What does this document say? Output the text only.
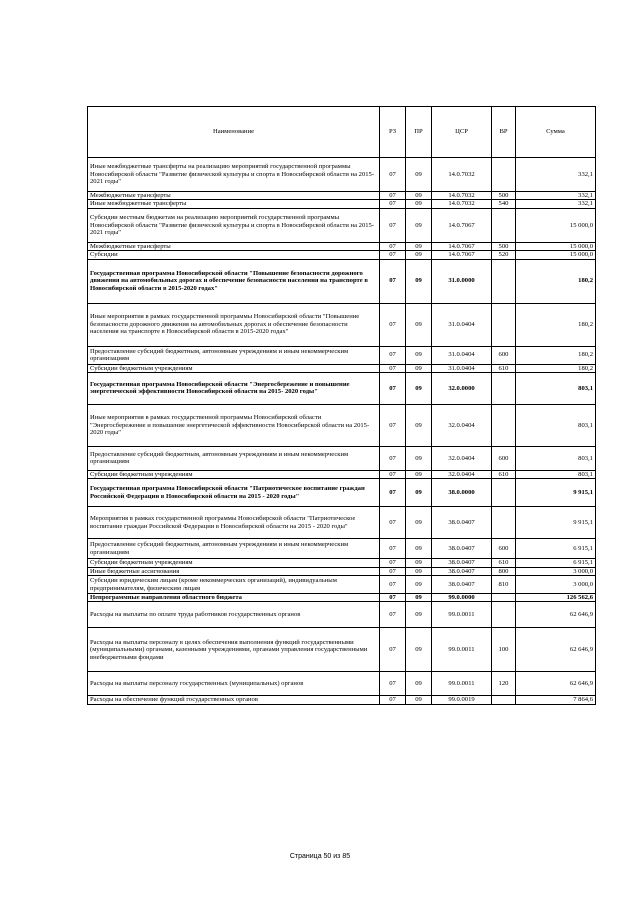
Наименование	РЗ	ПР	ЦСР	ВР	Сумма
Иные межбюджетные трансферты на реализацию мероприятий государственной программы Новосибирской области "Развитие физической культуры и спорта в Новосибирской области на 2015-2021 годы"	07	09	14.0.7032		332,1
Межбюджетные трансферты	07	09	14.0.7032	500	332,1
Иные межбюджетные трансферты	07	09	14.0.7032	540	332,1
Субсидии местным бюджетам на реализацию мероприятий государственной программы Новосибирской области "Развитие физической культуры и спорта в Новосибирской области на 2015-2021 годы"	07	09	14.0.7067		15 000,0
Межбюджетные трансферты	07	09	14.0.7067	500	15 000,0
Субсидии	07	09	14.0.7067	520	15 000,0
Государственная программа Новосибирской области "Повышение безопасности дорожного движения на автомобильных дорогах и обеспечение безопасности населения на транспорте в Новосибирской области в 2015-2020 годах"	07	09	31.0.0000		180,2
Иные мероприятия в рамках государственной программы Новосибирской области "Повышение безопасности дорожного движения на автомобильных дорогах и обеспечение безопасности населения на транспорте в Новосибирской области в 2015-2020 годах"	07	09	31.0.0404		180,2
Предоставление субсидий бюджетным, автономным учреждениям и иным некоммерческим организациям	07	09	31.0.0404	600	180,2
Субсидии бюджетным учреждениям	07	09	31.0.0404	610	180,2
Государственная программа Новосибирской области "Энергосбережение и повышение энергетической эффективности Новосибирской области на 2015- 2020 годы"	07	09	32.0.0000		803,1
Иные мероприятия в рамках государственной программы Новосибирской области "Энергосбережение и повышение энергетической эффективности Новосибирской области на 2015- 2020 годы"	07	09	32.0.0404		803,1
Предоставление субсидий бюджетным, автономным учреждениям и иным некоммерческим организациям	07	09	32.0.0404	600	803,1
Субсидии бюджетным учреждениям	07	09	32.0.0404	610	803,1
Государственная программа Новосибирской области "Патриотическое воспитание граждан Российской Федерации в Новосибирской области на 2015 - 2020 годы"	07	09	38.0.0000		9 915,1
Мероприятия в рамках государственной программы Новосибирской области "Патриотическое воспитание граждан Российской Федерации в Новосибирской области на 2015 - 2020 годы"	07	09	38.0.0407		9 915,1
Предоставление субсидий бюджетным, автономным учреждениям и иным некоммерческим организациям	07	09	38.0.0407	600	6 915,1
Субсидии бюджетным учреждениям	07	09	38.0.0407	610	6 915,1
Иные бюджетные ассигнования	07	09	38.0.0407	800	3 000,0
Субсидии юридическим лицам (кроме некоммерческих организаций), индивидуальным предпринимателям, физическим лицам	07	09	38.0.0407	810	3 000,0
Непрограммные направления областного бюджета	07	09	99.0.0000		126 562,6
Расходы на выплаты по оплате труда работников государственных органов	07	09	99.0.0011		62 646,9
Расходы на выплаты персоналу в целях обеспечения выполнения функций государственными (муниципальными) органами, казенными учреждениями, органами управления государственными внебюджетными фондами	07	09	99.0.0011	100	62 646,9
Расходы на выплаты персоналу государственных (муниципальных) органов	07	09	99.0.0011	120	62 646,9
Расходы на обеспечение функций государственных органов	07	09	99.0.0019		7 864,6
Страница 50 из 85
